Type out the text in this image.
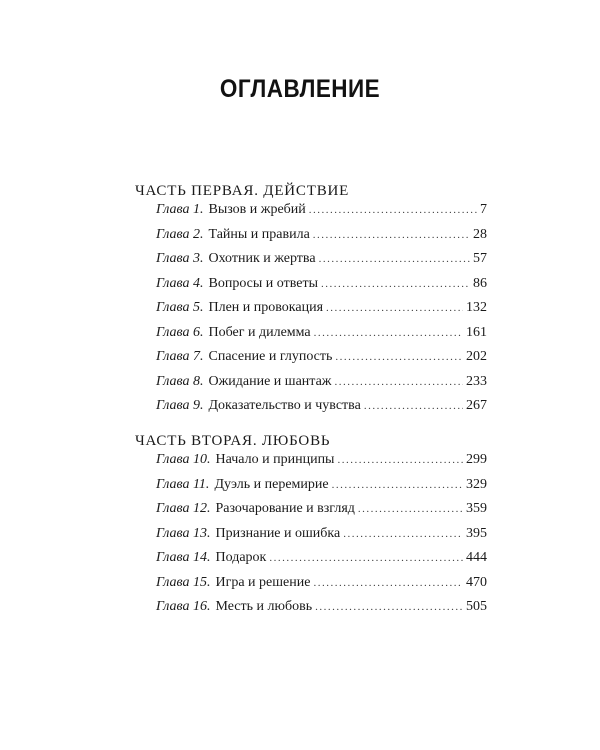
ОГЛАВЛЕНИЕ
ЧАСТЬ ПЕРВАЯ. ДЕЙСТВИЕ
Глава 1. Вызов и жребий .....	7
Глава 2. Тайны и правила .....	28
Глава 3. Охотник и жертва .....	57
Глава 4. Вопросы и ответы .....	86
Глава 5. Плен и провокация .....	132
Глава 6. Побег и дилемма .....	161
Глава 7. Спасение и глупость .....	202
Глава 8. Ожидание и шантаж .....	233
Глава 9. Доказательство и чувства .....	267
ЧАСТЬ ВТОРАЯ. ЛЮБОВЬ
Глава 10. Начало и принципы .....	299
Глава 11. Дуэль и перемирие .....	329
Глава 12. Разочарование и взгляд .....	359
Глава 13. Признание и ошибка .....	395
Глава 14. Подарок .....	444
Глава 15. Игра и решение .....	470
Глава 16. Месть и любовь .....	505
